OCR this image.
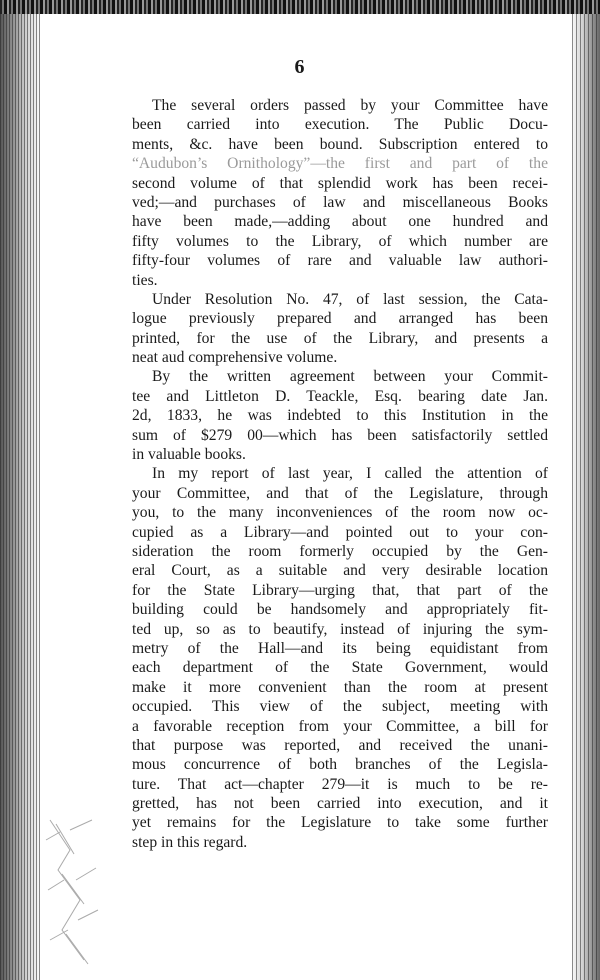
6
The several orders passed by your Committee have
been carried into execution. The Public Docu-
ments, &c. have been bound. Subscription entered to
“Audubon’s Ornithology”—the first and part of the
second volume of that splendid work has been recei-
ved;—and purchases of law and miscellaneous Books
have been made,—adding about one hundred and
fifty volumes to the Library, of which number are
fifty-four volumes of rare and valuable law authori-
ties.
Under Resolution No. 47, of last session, the Cata-
logue previously prepared and arranged has been
printed, for the use of the Library, and presents a
neat aud comprehensive volume.
By the written agreement between your Commit-
tee and Littleton D. Teackle, Esq. bearing date Jan.
2d, 1833, he was indebted to this Institution in the
sum of $279 00—which has been satisfactorily settled
in valuable books.
In my report of last year, I called the attention of
your Committee, and that of the Legislature, through
you, to the many inconveniences of the room now oc-
cupied as a Library—and pointed out to your con-
sideration the room formerly occupied by the Gen-
eral Court, as a suitable and very desirable location
for the State Library—urging that, that part of the
building could be handsomely and appropriately fit-
ted up, so as to beautify, instead of injuring the sym-
metry of the Hall—and its being equidistant from
each department of the State Government, would
make it more convenient than the room at present
occupied. This view of the subject, meeting with
a favorable reception from your Committee, a bill for
that purpose was reported, and received the unani-
mous concurrence of both branches of the Legisla-
ture. That act—chapter 279—it is much to be re-
gretted, has not been carried into execution, and it
yet remains for the Legislature to take some further
step in this regard.
